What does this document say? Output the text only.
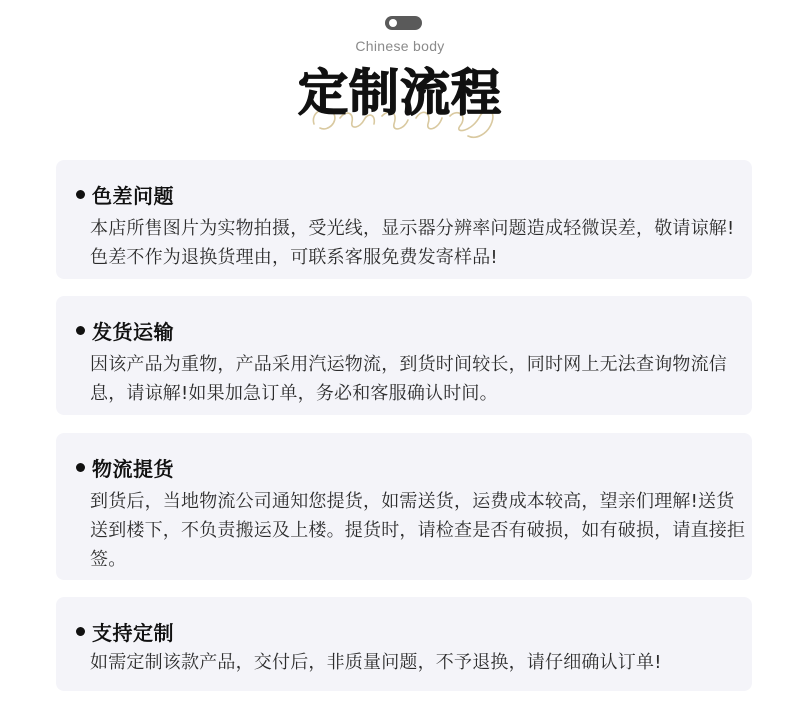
Chinese body
定制流程
色差问题
本店所售图片为实物拍摄，受光线，显示器分辨率问题造成轻微误差，敬请谅解!色差不作为退换货理由，可联系客服免费发寄样品!
发货运输
因该产品为重物，产品采用汽运物流，到货时间较长，同时网上无法查询物流信息，请谅解!如果加急订单，务必和客服确认时间。
物流提货
到货后，当地物流公司通知您提货，如需送货，运费成本较高，望亲们理解!送货送到楼下，不负责搬运及上楼。提货时，请检查是否有破损，如有破损，请直接拒签。
支持定制
如需定制该款产品，交付后，非质量问题，不予退换，请仔细确认订单!
